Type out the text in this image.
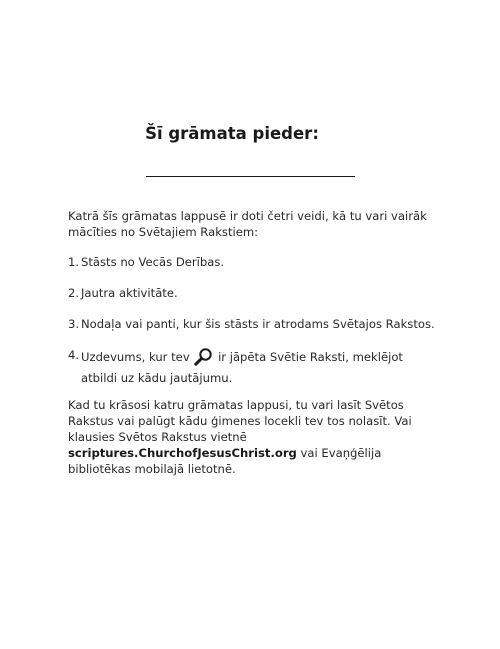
Šī grāmata pieder:

Katrā šīs grāmatas lappusē ir doti četri veidi, kā tu vari vairāk mācīties no Svētajiem Rakstiem:

1. Stāsts no Vecās Derības.
2. Jautra aktivitāte.
3. Nodaļa vai panti, kur šis stāsts ir atrodams Svētajos Rakstos.
4. Uzdevums, kur tev ir jāpēta Svētie Raksti, meklējot atbildi uz kādu jautājumu.

Kad tu krāsosi katru grāmatas lappusi, tu vari lasīt Svētos Rakstus vai palūgt kādu ģimenes locekli tev tos nolasīt. Vai klausies Svētos Rakstus vietnē scriptures.ChurchofJesusChrist.org vai Evaņģēlija bibliotēkas mobilajā lietotnē.
